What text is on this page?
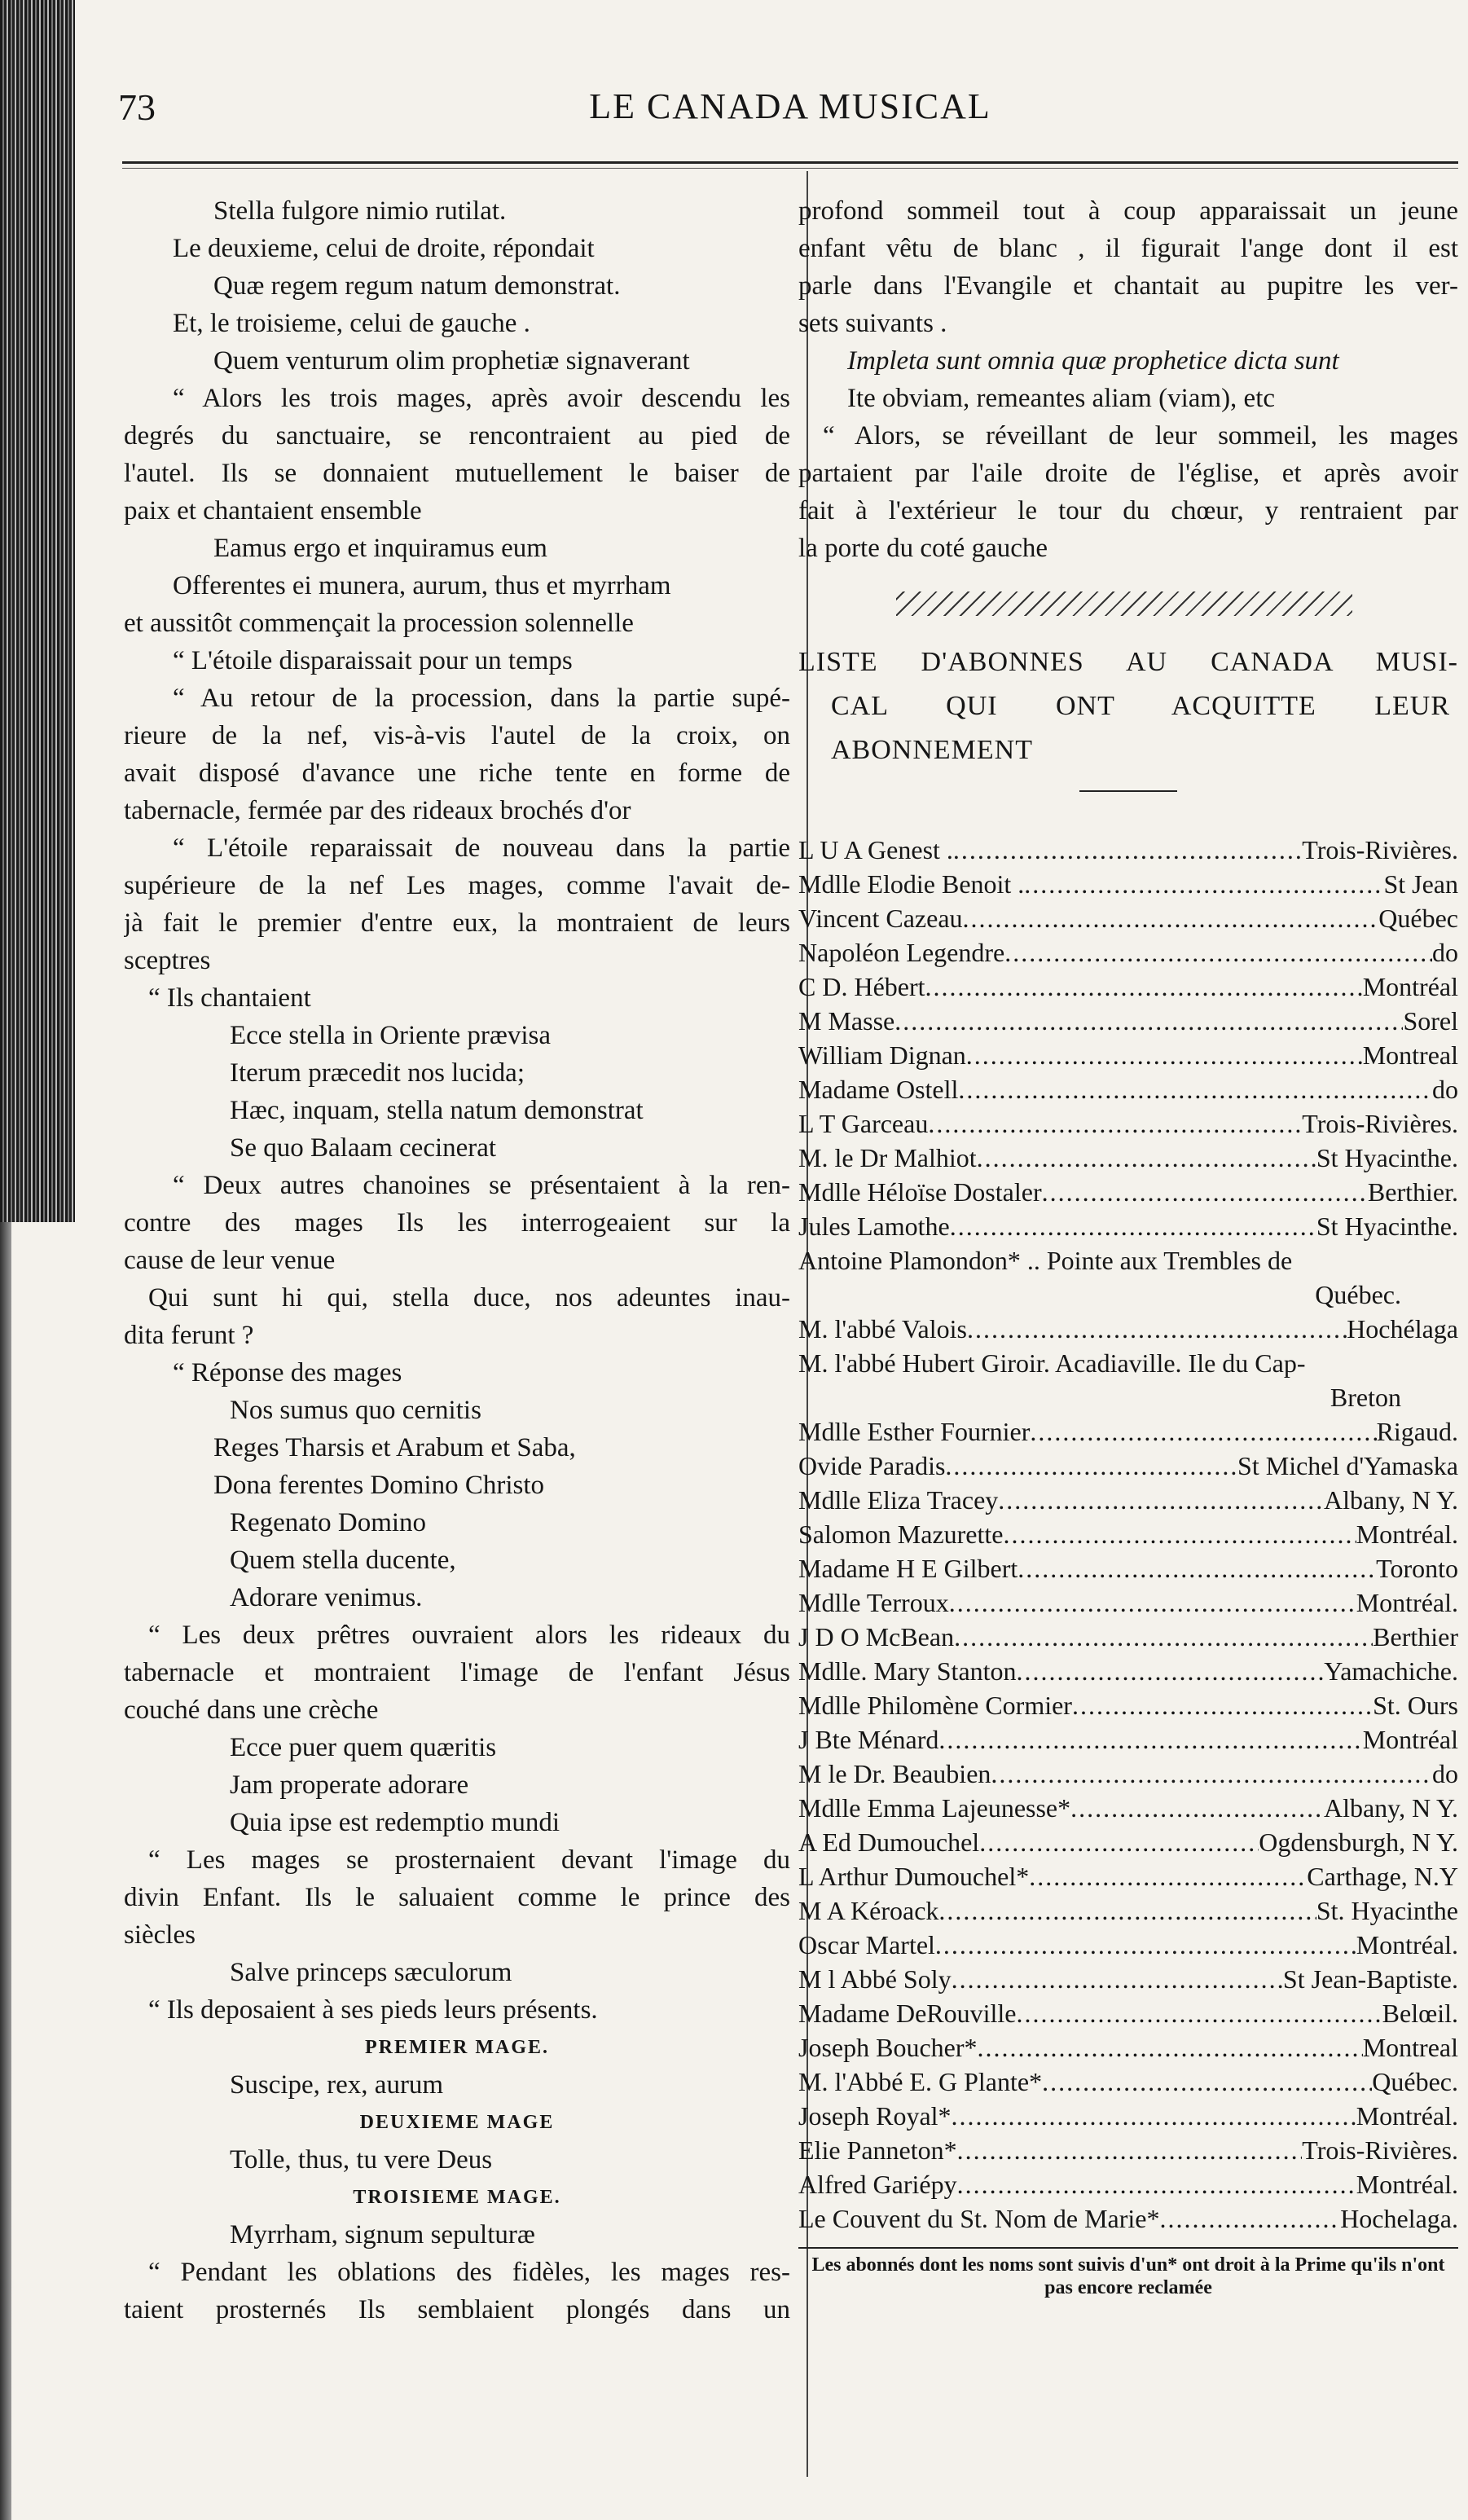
73	LE CANADA MUSICAL
Stella fulgore nimio rutilat.
Le deuxieme, celui de droite, répondait
Quæ regem regum natum demonstrat.
Et, le troisieme, celui de gauche .
Quem venturum olim prophetiæ signaverant
“ Alors les trois mages, après avoir descendu les
degrés du sanctuaire, se rencontraient au pied de
l'autel. Ils se donnaient mutuellement le baiser de
paix et chantaient ensemble
Eamus ergo et inquiramus eum
Offerentes ei munera, aurum, thus et myrrham
et aussitôt commençait la procession solennelle
“ L'étoile disparaissait pour un temps
“ Au retour de la procession, dans la partie supé-
rieure de la nef, vis-à-vis l'autel de la croix, on
avait disposé d'avance une riche tente en forme de
tabernacle, fermée par des rideaux brochés d'or
“ L'étoile reparaissait de nouveau dans la partie
supérieure de la nef Les mages, comme l'avait de-
jà fait le premier d'entre eux, la montraient de leurs
sceptres
“ Ils chantaient
Ecce stella in Oriente prævisa
Iterum præcedit nos lucida;
Hæc, inquam, stella natum demonstrat
Se quo Balaam cecinerat
“ Deux autres chanoines se présentaient à la ren-
contre des mages Ils les interrogeaient sur la
cause de leur venue
Qui sunt hi qui, stella duce, nos adeuntes inau-
dita ferunt ?
“ Réponse des mages
Nos sumus quo cernitis
Reges Tharsis et Arabum et Saba,
Dona ferentes Domino Christo
Regenato Domino
Quem stella ducente,
Adorare venimus.
“ Les deux prêtres ouvraient alors les rideaux du
tabernacle et montraient l'image de l'enfant Jésus
couché dans une crèche
Ecce puer quem quæritis
Jam properate adorare
Quia ipse est redemptio mundi
“ Les mages se prosternaient devant l'image du
divin Enfant. Ils le saluaient comme le prince des
siècles
Salve princeps sæculorum
“ Ils deposaient à ses pieds leurs présents.
PREMIER MAGE.
Suscipe, rex, aurum
DEUXIEME MAGE
Tolle, thus, tu vere Deus
TROISIEME MAGE.
Myrrham, signum sepulturæ
“ Pendant les oblations des fidèles, les mages res-
taient prosternés Ils semblaient plongés dans un
profond sommeil tout à coup apparaissait un jeune
enfant vêtu de blanc , il figurait l'ange dont il est
parle dans l'Evangile et chantait au pupitre les ver-
sets suivants .
Impleta sunt omnia quæ prophetice dicta sunt
Ite obviam, remeantes aliam (viam), etc
“ Alors, se réveillant de leur sommeil, les mages
partaient par l'aile droite de l'église, et après avoir
fait à l'extérieur le tour du chœur, y rentraient par
la porte du coté gauche
LISTE D'ABONNES AU CANADA MUSI-
CAL QUI ONT ACQUITTE LEUR
ABONNEMENT
L U A Genest . .....	Trois-Rivières.
Mdlle Elodie Benoit . .....	St Jean
Vincent Cazeau .....	Québec
Napoléon Legendre .....	do
C D. Hébert .....	Montréal
M Masse .....	Sorel
William Dignan .....	Montreal
Madame Ostell .....	do
L T Garceau .....	Trois-Rivières.
M. le Dr Malhiot .....	St Hyacinthe.
Mdlle Héloïse Dostaler .....	Berthier.
Jules Lamothe .....	St Hyacinthe.
Antoine Plamondon* .. Pointe aux Trembles de
Québec.
M. l'abbé Valois .....	Hochélaga
M. l'abbé Hubert Giroir. Acadiaville. Ile du Cap-
Breton
Mdlle Esther Fournier .....	Rigaud.
Ovide Paradis .....	St Michel d'Yamaska
Mdlle Eliza Tracey .....	Albany, N Y.
Salomon Mazurette .....	Montréal.
Madame H E Gilbert .....	Toronto
Mdlle Terroux .....	Montréal.
J D O McBean .....	Berthier
Mdlle. Mary Stanton .....	Yamachiche.
Mdlle Philomène Cormier .....	St. Ours
J Bte Ménard .....	Montréal
M le Dr. Beaubien .....	do
Mdlle Emma Lajeunesse* .....	Albany, N Y.
A Ed Dumouchel .....	Ogdensburgh, N Y.
L Arthur Dumouchel* .....	Carthage, N.Y
M A Kéroack .....	St. Hyacinthe
Oscar Martel .....	Montréal.
M l Abbé Soly .....	St Jean-Baptiste.
Madame DeRouville .....	Belœil.
Joseph Boucher* .....	Montreal
M. l'Abbé E. G Plante* .....	Québec.
Joseph Royal* .....	Montréal.
Elie Panneton* .....	Trois-Rivières.
Alfred Gariépy .....	Montréal.
Le Couvent du St. Nom de Marie* .....	Hochelaga.
Les abonnés dont les noms sont suivis d'un* ont droit à la Prime qu'ils n'ont pas encore reclamée
